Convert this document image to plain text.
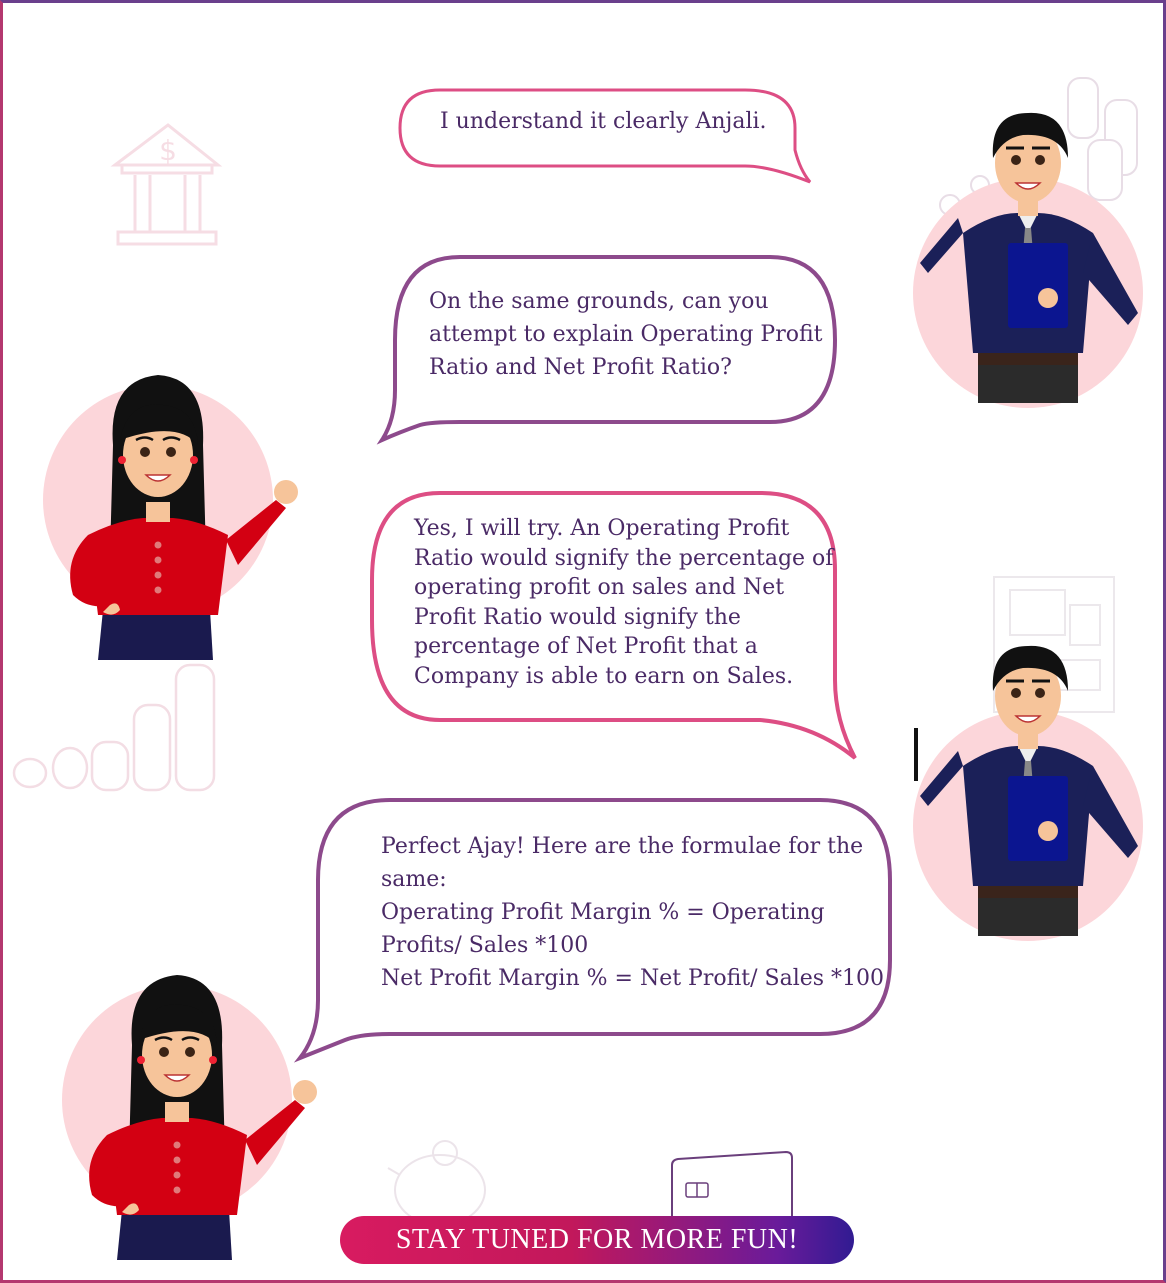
$

I understand it clearly Anjali.

On the same grounds, can you

attempt to explain Operating Profit

Ratio and Net Profit Ratio?

Yes, I will try. An Operating Profit

Ratio would signify the percentage of

operating profit on sales and Net

Profit Ratio would signify the

percentage of Net Profit that a

Company is able to earn on Sales.

Perfect Ajay! Here are the formulae for the

same:

Operating Profit Margin % = Operating

Profits/ Sales *100

Net Profit Margin % = Net Profit/ Sales *100

STAY TUNED FOR MORE FUN!
